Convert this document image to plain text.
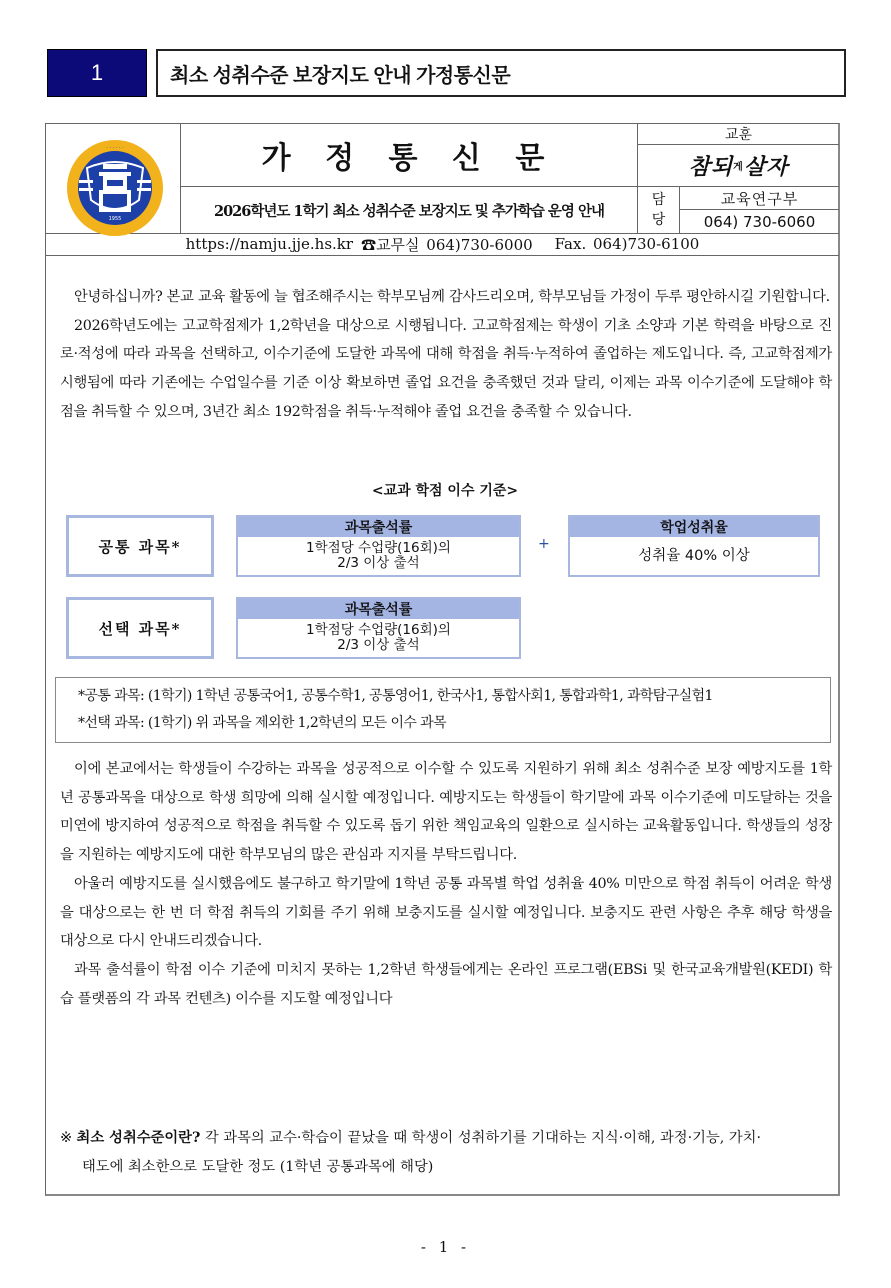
1	최소 성취수준 보장지도 안내 가정통신문
1955
· · · · · ·	가 정 통 신 문
2026학년도 1학기 최소 성취수준 보장지도 및 추가학습 운영 안내
교훈
참되 게 살자
담
당
교육연구부
064) 730-6060
https://namju.jje.hs.kr ☎교무실 064)730-6000 Fax. 064)730-6100

안녕하십니까? 본교 교육 활동에 늘 협조해주시는 학부모님께 감사드리오며, 학부모님들 가정이 두루 평안하시길 기원합니다.

2026학년도에는 고교학점제가 1,2학년을 대상으로 시행됩니다. 고교학점제는 학생이 기초 소양과 기본 학력을 바탕으로 진로·적성에 따라 과목을 선택하고, 이수기준에 도달한 과목에 대해 학점을 취득·누적하여 졸업하는 제도입니다. 즉, 고교학점제가 시행됨에 따라 기존에는 수업일수를 기준 이상 확보하면 졸업 요건을 충족했던 것과 달리, 이제는 과목 이수기준에 도달해야 학점을 취득할 수 있으며, 3년간 최소 192학점을 취득·누적해야 졸업 요건을 충족할 수 있습니다.

<교과 학점 이수 기준>
공통 과목*
과목출석률
1학점당 수업량(16회)의
2/3 이상 출석
+
학업성취율
성취율 40% 이상
선택 과목*
과목출석률
1학점당 수업량(16회)의
2/3 이상 출석
*공통 과목: (1학기) 1학년 공통국어1, 공통수학1, 공통영어1, 한국사1, 통합사회1, 통합과학1, 과학탐구실험1
*선택 과목: (1학기) 위 과목을 제외한 1,2학년의 모든 이수 과목

이에 본교에서는 학생들이 수강하는 과목을 성공적으로 이수할 수 있도록 지원하기 위해 최소 성취수준 보장 예방지도를 1학년 공통과목을 대상으로 학생 희망에 의해 실시할 예정입니다. 예방지도는 학생들이 학기말에 과목 이수기준에 미도달하는 것을 미연에 방지하여 성공적으로 학점을 취득할 수 있도록 돕기 위한 책임교육의 일환으로 실시하는 교육활동입니다. 학생들의 성장을 지원하는 예방지도에 대한 학부모님의 많은 관심과 지지를 부탁드립니다.

아울러 예방지도를 실시했음에도 불구하고 학기말에 1학년 공통 과목별 학업 성취율 40% 미만으로 학점 취득이 어려운 학생을 대상으로는 한 번 더 학점 취득의 기회를 주기 위해 보충지도를 실시할 예정입니다. 보충지도 관련 사항은 추후 해당 학생을 대상으로 다시 안내드리겠습니다.

과목 출석률이 학점 이수 기준에 미치지 못하는 1,2학년 학생들에게는 온라인 프로그램(EBSi 및 한국교육개발원(KEDI) 학습 플랫폼의 각 과목 컨텐츠) 이수를 지도할 예정입니다

※ 최소 성취수준이란? 각 과목의 교수·학습이 끝났을 때 학생이 성취하기를 기대하는 지식·이해, 과정·기능, 가치·
태도에 최소한으로 도달한 정도 (1학년 공통과목에 해당)
- 1 -
